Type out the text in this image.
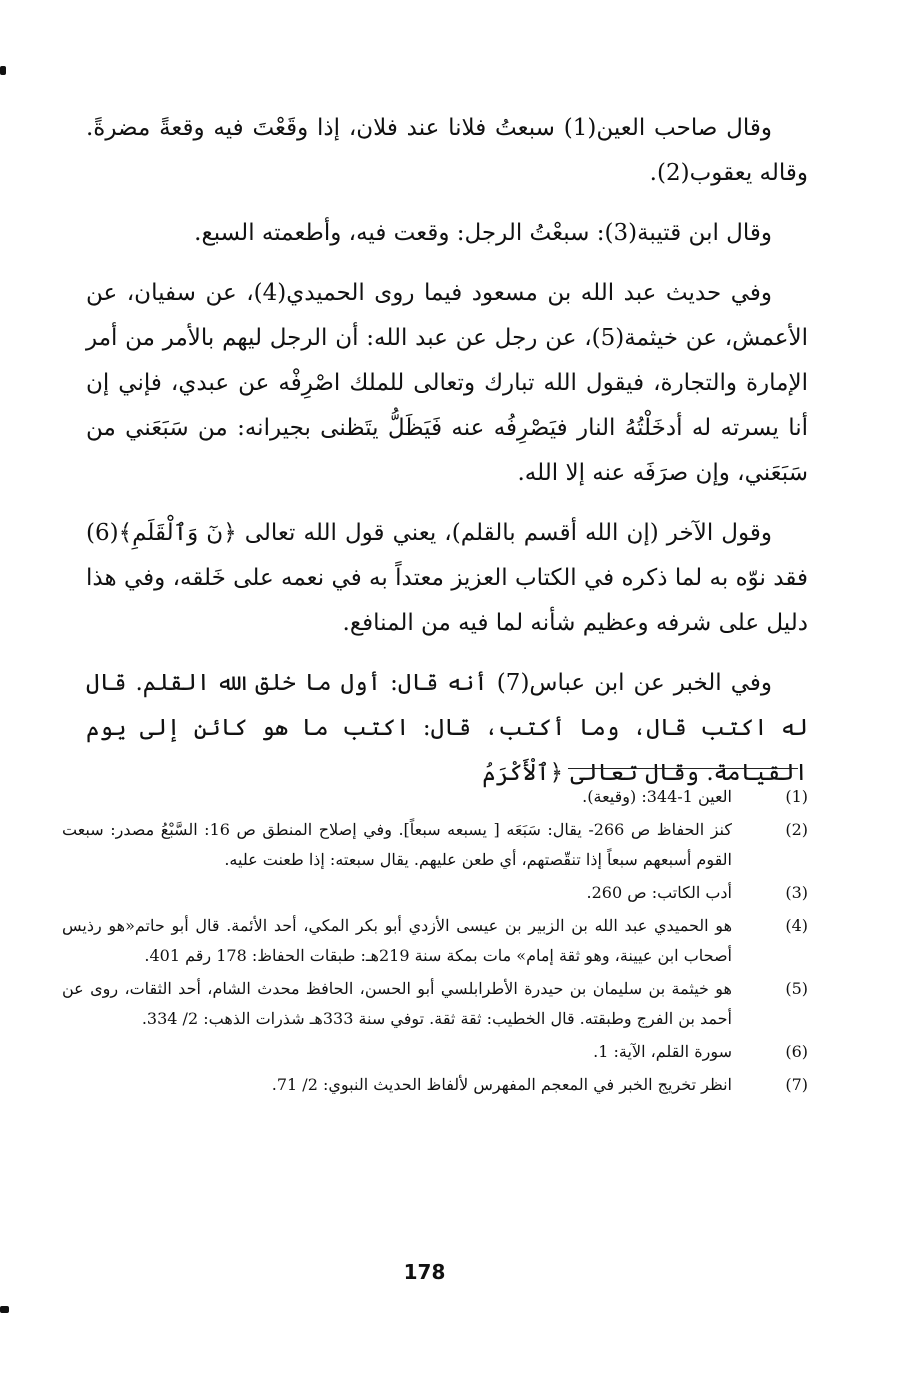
وقال صاحب العين(1) سبعتُ فلانا عند فلان، إذا وقَعْتَ فيه وقعةً مضرةً. وقاله يعقوب(2).

وقال ابن قتيبة(3): سبعْتُ الرجل: وقعت فيه، وأطعمته السبع.

وفي حديث عبد الله بن مسعود فيما روى الحميدي(4)، عن سفيان، عن الأعمش، عن خيثمة(5)، عن رجل عن عبد الله: أن الرجل ليهم بالأمر من أمر الإمارة والتجارة، فيقول الله تبارك وتعالى للملك اصْرِفْه عن عبدي، فإني إن أنا يسرته له أدخَلْتُهُ النار فيَصْرِفُه عنه فَيَظَلُّ يتَظنى بجيرانه: من سَبَعَني من سَبَعَني، وإن صرَفَه عنه إلا الله.

وقول الآخر (إن الله أقسم بالقلم)، يعني قول الله تعالى ﴿نٓ وَٱلْقَلَمِ﴾(6) فقد نوّه به لما ذكره في الكتاب العزيز معتداً به في نعمه على خَلقه، وفي هذا دليل على شرفه وعظيم شأنه لما فيه من المنافع.

وفي الخبر عن ابن عباس(7) أنه قال: أول ما خلق الله القلم. قال له اكتب قال، وما أكتب، قال: اكتب ما هو كائن إلى يوم القيامة. وقال تعالى ﴿ٱلْأَكْرَمُ

(1)
العين 1-344: (وقيعة).
(2)
كنز الحفاظ ص 266- يقال: سَبَعَه [ يسبعه سبعاً]. وفي إصلاح المنطق ص 16: السَّبْعُ مصدر: سبعت القوم أسبعهم سبعاً إذا تنقّصتهم، أي طعن عليهم. يقال سبعته: إذا طعنت عليه.
(3)
أدب الكاتب: ص 260.
(4)
هو الحميدي عبد الله بن الزبير بن عيسى الأزدي أبو بكر المكي، أحد الأئمة. قال أبو حاتم«هو رذيس أصحاب ابن عيينة، وهو ثقة إمام» مات بمكة سنة 219هـ: طبقات الحفاظ: 178 رقم 401.
(5)
هو خيثمة بن سليمان بن حيدرة الأطرابلسي أبو الحسن، الحافظ محدث الشام، أحد الثقات، روى عن أحمد بن الفرج وطبقته. قال الخطيب: ثقة ثقة. توفي سنة 333هـ شذرات الذهب: 2/ 334.
(6)
سورة القلم، الآية: 1.
(7)
انظر تخريج الخبر في المعجم المفهرس لألفاظ الحديث النبوي: 2/ 71.
178
